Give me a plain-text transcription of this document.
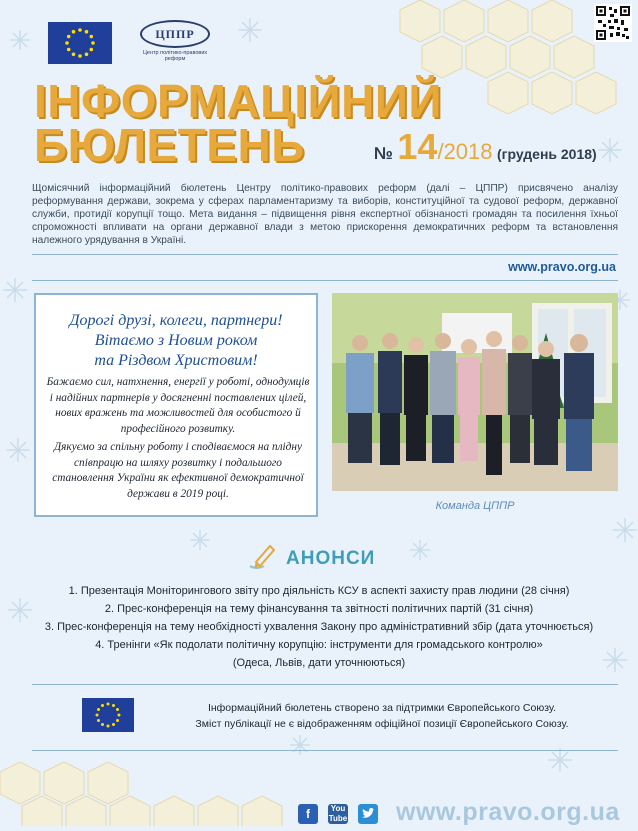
ЦППР
Центр політико-правових
реформ
ІНФОРМАЦІЙНИЙ
БЮЛЕТЕНЬ	№ 14/2018 (грудень 2018)
Щомісячний інформаційний бюлетень Центру політико-правових реформ (далі – ЦППР) присвячено аналізу реформування держави, зокрема у сферах парламентаризму та виборів, конституційної та судової реформ, державної служби, протидії корупції тощо. Мета видання – підвищення рівня експертної обізнаності громадян та посилення їхньої спроможності впливати на органи державної влади з метою прискорення демократичних реформ та встановлення належного урядування в Україні.
www.pravo.org.ua
Дорогі друзі, колеги, партнери!
Вітаємо з Новим роком
та Різдвом Христовим!
Бажаємо сил, натхнення, енергії у роботі, однодумців і надійних партнерів у досягненні поставлених цілей, нових вражень та можливостей для особистого й професійного розвитку.
Дякуємо за спільну роботу і сподіваємося на плідну співпрацю на шляху розвитку і подальшого становлення України як ефективної демократичної держави в 2019 році.
Команда ЦППР
АНОНСИ
1. Презентація Моніторингового звіту про діяльність КСУ в аспекті захисту прав людини (28 січня)
2. Прес-конференція на тему фінансування та звітності політичних партій (31 січня)
3. Прес-конференція на тему необхідності ухвалення Закону про адміністративний збір (дата уточнюється)
4. Тренінги «Як подолати політичну корупцію: інструменти для громадського контролю»
(Одеса, Львів, дати уточнюються)
Інформаційний бюлетень створено за підтримки Європейського Союзу.
Зміст публікації не є відображенням офіційної позиції Європейського Союзу.
f	You Tube www.pravo.org.ua
